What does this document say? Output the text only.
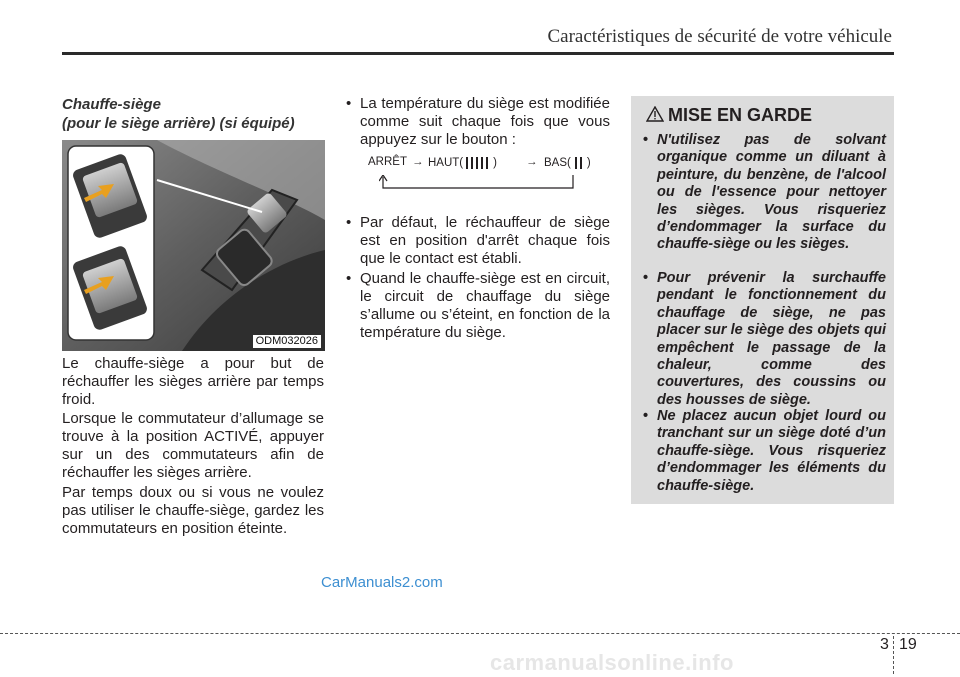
Caractéristiques de sécurité de votre véhicule
Chauffe-siège
(pour le siège arrière) (si équipé)
ODM032026
Le chauffe-siège a pour but de réchauffer les sièges arrière par temps froid.
Lorsque le commutateur d’allumage se trouve à la position ACTIVÉ, appuyer sur un des commutateurs afin de réchauffer les sièges arrière.
Par temps doux ou si vous ne voulez pas utiliser le chauffe-siège, gardez les commutateurs en position éteinte.
• La température du siège est modifiée comme suit chaque fois que vous appuyez sur le bouton :
ARRÊT → HAUT(	)	→ BAS( )
• Par défaut, le réchauffeur de siège est en position d'arrêt chaque fois que le contact est établi.
• Quand le chauffe-siège est en circuit, le circuit de chauffage du siège s’allume ou s’éteint, en fonction de la température du siège.
MISE EN GARDE
• N'utilisez pas de solvant organique comme un diluant à peinture, du benzène, de l'alcool ou de l'essence pour nettoyer les sièges. Vous risqueriez d’endommager la surface du chauffe-siège ou les sièges.
• Pour prévenir la surchauffe pendant le fonctionnement du chauffage de siège, ne pas placer sur le siège des objets qui empêchent le passage de la chaleur, comme des couvertures, des coussins ou des housses de siège.
• Ne placez aucun objet lourd ou tranchant sur un siège doté d’un chauffe-siège. Vous risqueriez d’endommager les éléments du chauffe-siège.
CarManuals2.com
3 19
carmanualsonline.info
